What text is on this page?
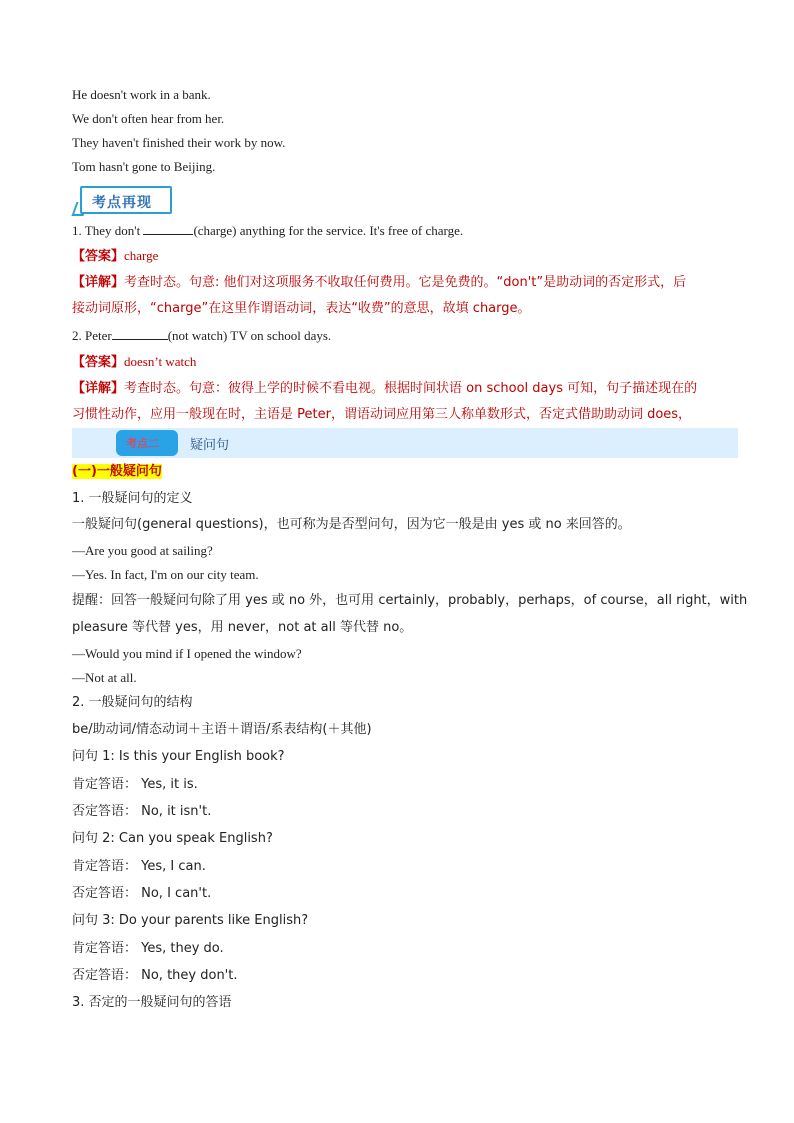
He doesn't work in a bank.
We don't often hear from her.
They haven't finished their work by now.
Tom hasn't gone to Beijing.
考点再现
1. They don't	(charge) anything for the service. It's free of charge.
【答案】charge
【详解】考查时态。句意: 他们对这项服务不收取任何费用。它是免费的。“don't”是助动词的否定形式，后
接动词原形，“charge”在这里作谓语动词，表达“收费”的意思，故填 charge。
2. Peter	(not watch) TV on school days.
【答案】doesn’t watch
【详解】考查时态。句意：彼得上学的时候不看电视。根据时间状语 on school days 可知，句子描述现在的
习惯性动作，应用一般现在时，主语是 Peter，谓语动词应用第三人称单数形式，否定式借助助动词 does，
考点二 疑问句
(一)一般疑问句
1. 一般疑问句的定义
一般疑问句(general questions)，也可称为是否型问句，因为它一般是由 yes 或 no 来回答的。
—Are you good at sailing?
—Yes. In fact, I'm on our city team.
提醒：回答一般疑问句除了用 yes 或 no 外，也可用 certainly，probably，perhaps，of course，all right，with
pleasure 等代替 yes，用 never，not at all 等代替 no。
—Would you mind if I opened the window?
—Not at all.
2. 一般疑问句的结构
be/助动词/情态动词＋主语＋谓语/系表结构(＋其他)
问句 1: Is this your English book?
肯定答语： Yes, it is.
否定答语： No, it isn't.
问句 2: Can you speak English?
肯定答语： Yes, I can.
否定答语： No, I can't.
问句 3: Do your parents like English?
肯定答语： Yes, they do.
否定答语： No, they don't.
3. 否定的一般疑问句的答语
